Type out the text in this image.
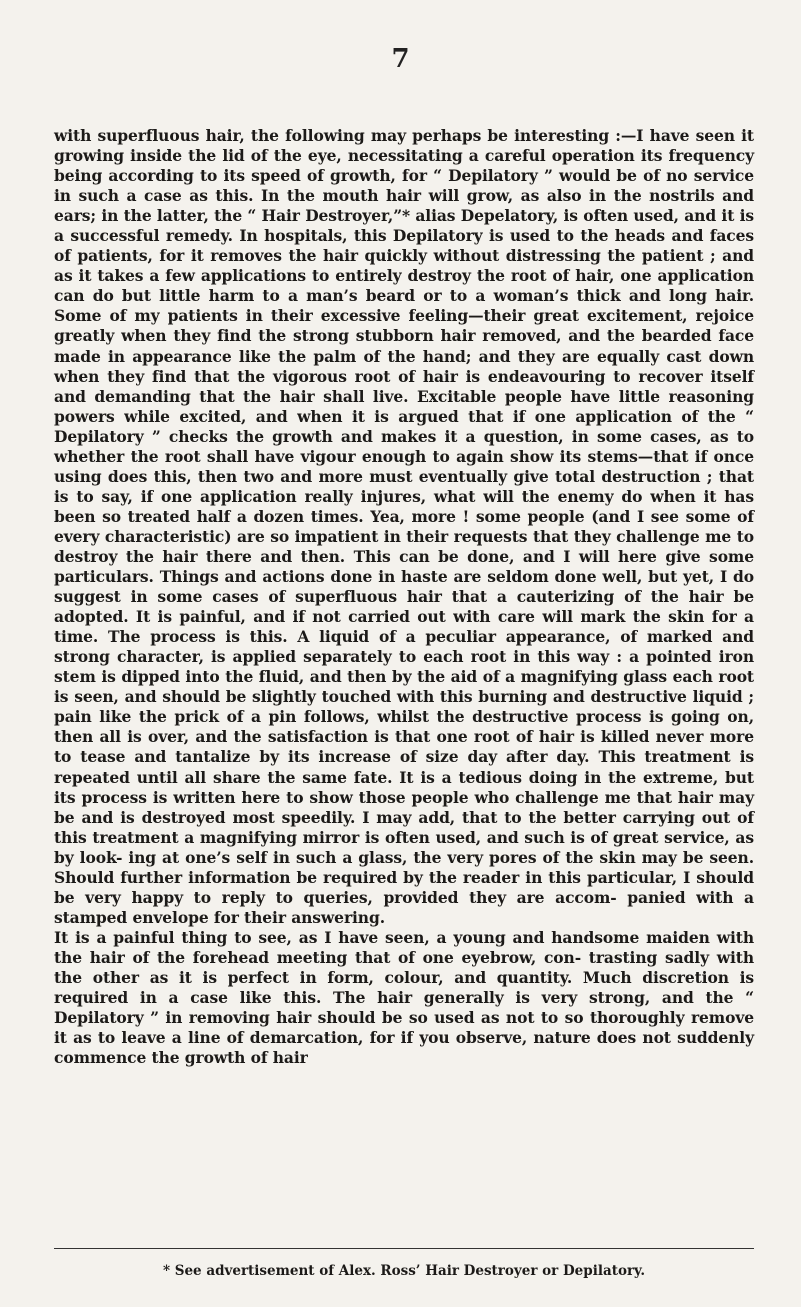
7

with superfluous hair, the following may perhaps be interesting :—I have seen it growing inside the lid of the eye, necessitating a careful operation its frequency being according to its speed of growth, for “ Depilatory ” would be of no service in such a case as this. In the mouth hair will grow, as also in the nostrils and ears; in the latter, the “ Hair Destroyer,”* alias Depelatory, is often used, and it is a successful remedy. In hospitals, this Depilatory is used to the heads and faces of patients, for it removes the hair quickly without distressing the patient ; and as it takes a few applications to entirely destroy the root of hair, one application can do but little harm to a man’s beard or to a woman’s thick and long hair. Some of my patients in their excessive feeling—their great excitement, rejoice greatly when they find the strong stubborn hair removed, and the bearded face made in appearance like the palm of the hand; and they are equally cast down when they find that the vigorous root of hair is endeavouring to recover itself and demanding that the hair shall live. Excitable people have little reasoning powers while excited, and when it is argued that if one application of the “ Depilatory ” checks the growth and makes it a question, in some cases, as to whether the root shall have vigour enough to again show its stems—that if once using does this, then two and more must eventually give total destruction ; that is to say, if one application really injures, what will the enemy do when it has been so treated half a dozen times. Yea, more ! some people (and I see some of every characteristic) are so impatient in their requests that they challenge me to destroy the hair there and then. This can be done, and I will here give some particulars. Things and actions done in haste are seldom done well, but yet, I do suggest in some cases of superfluous hair that a cauterizing of the hair be adopted. It is painful, and if not carried out with care will mark the skin for a time. The process is this. A liquid of a peculiar appearance, of marked and strong character, is applied separately to each root in this way : a pointed iron stem is dipped into the fluid, and then by the aid of a magnifying glass each root is seen, and should be slightly touched with this burning and destructive liquid ; pain like the prick of a pin follows, whilst the destructive process is going on, then all is over, and the satisfaction is that one root of hair is killed never more to tease and tantalize by its increase of size day after day. This treatment is repeated until all share the same fate. It is a tedious doing in the extreme, but its process is written here to show those people who challenge me that hair may be and is destroyed most speedily. I may add, that to the better carrying out of this treatment a magnifying mirror is often used, and such is of great service, as by look- ing at one’s self in such a glass, the very pores of the skin may be seen. Should further information be required by the reader in this particular, I should be very happy to reply to queries, provided they are accom- panied with a stamped envelope for their answering.

It is a painful thing to see, as I have seen, a young and handsome maiden with the hair of the forehead meeting that of one eyebrow, con- trasting sadly with the other as it is perfect in form, colour, and quantity. Much discretion is required in a case like this. The hair generally is very strong, and the “ Depilatory ” in removing hair should be so used as not to so thoroughly remove it as to leave a line of demarcation, for if you observe, nature does not suddenly commence the growth of hair

* See advertisement of Alex. Ross’ Hair Destroyer or Depilatory.
